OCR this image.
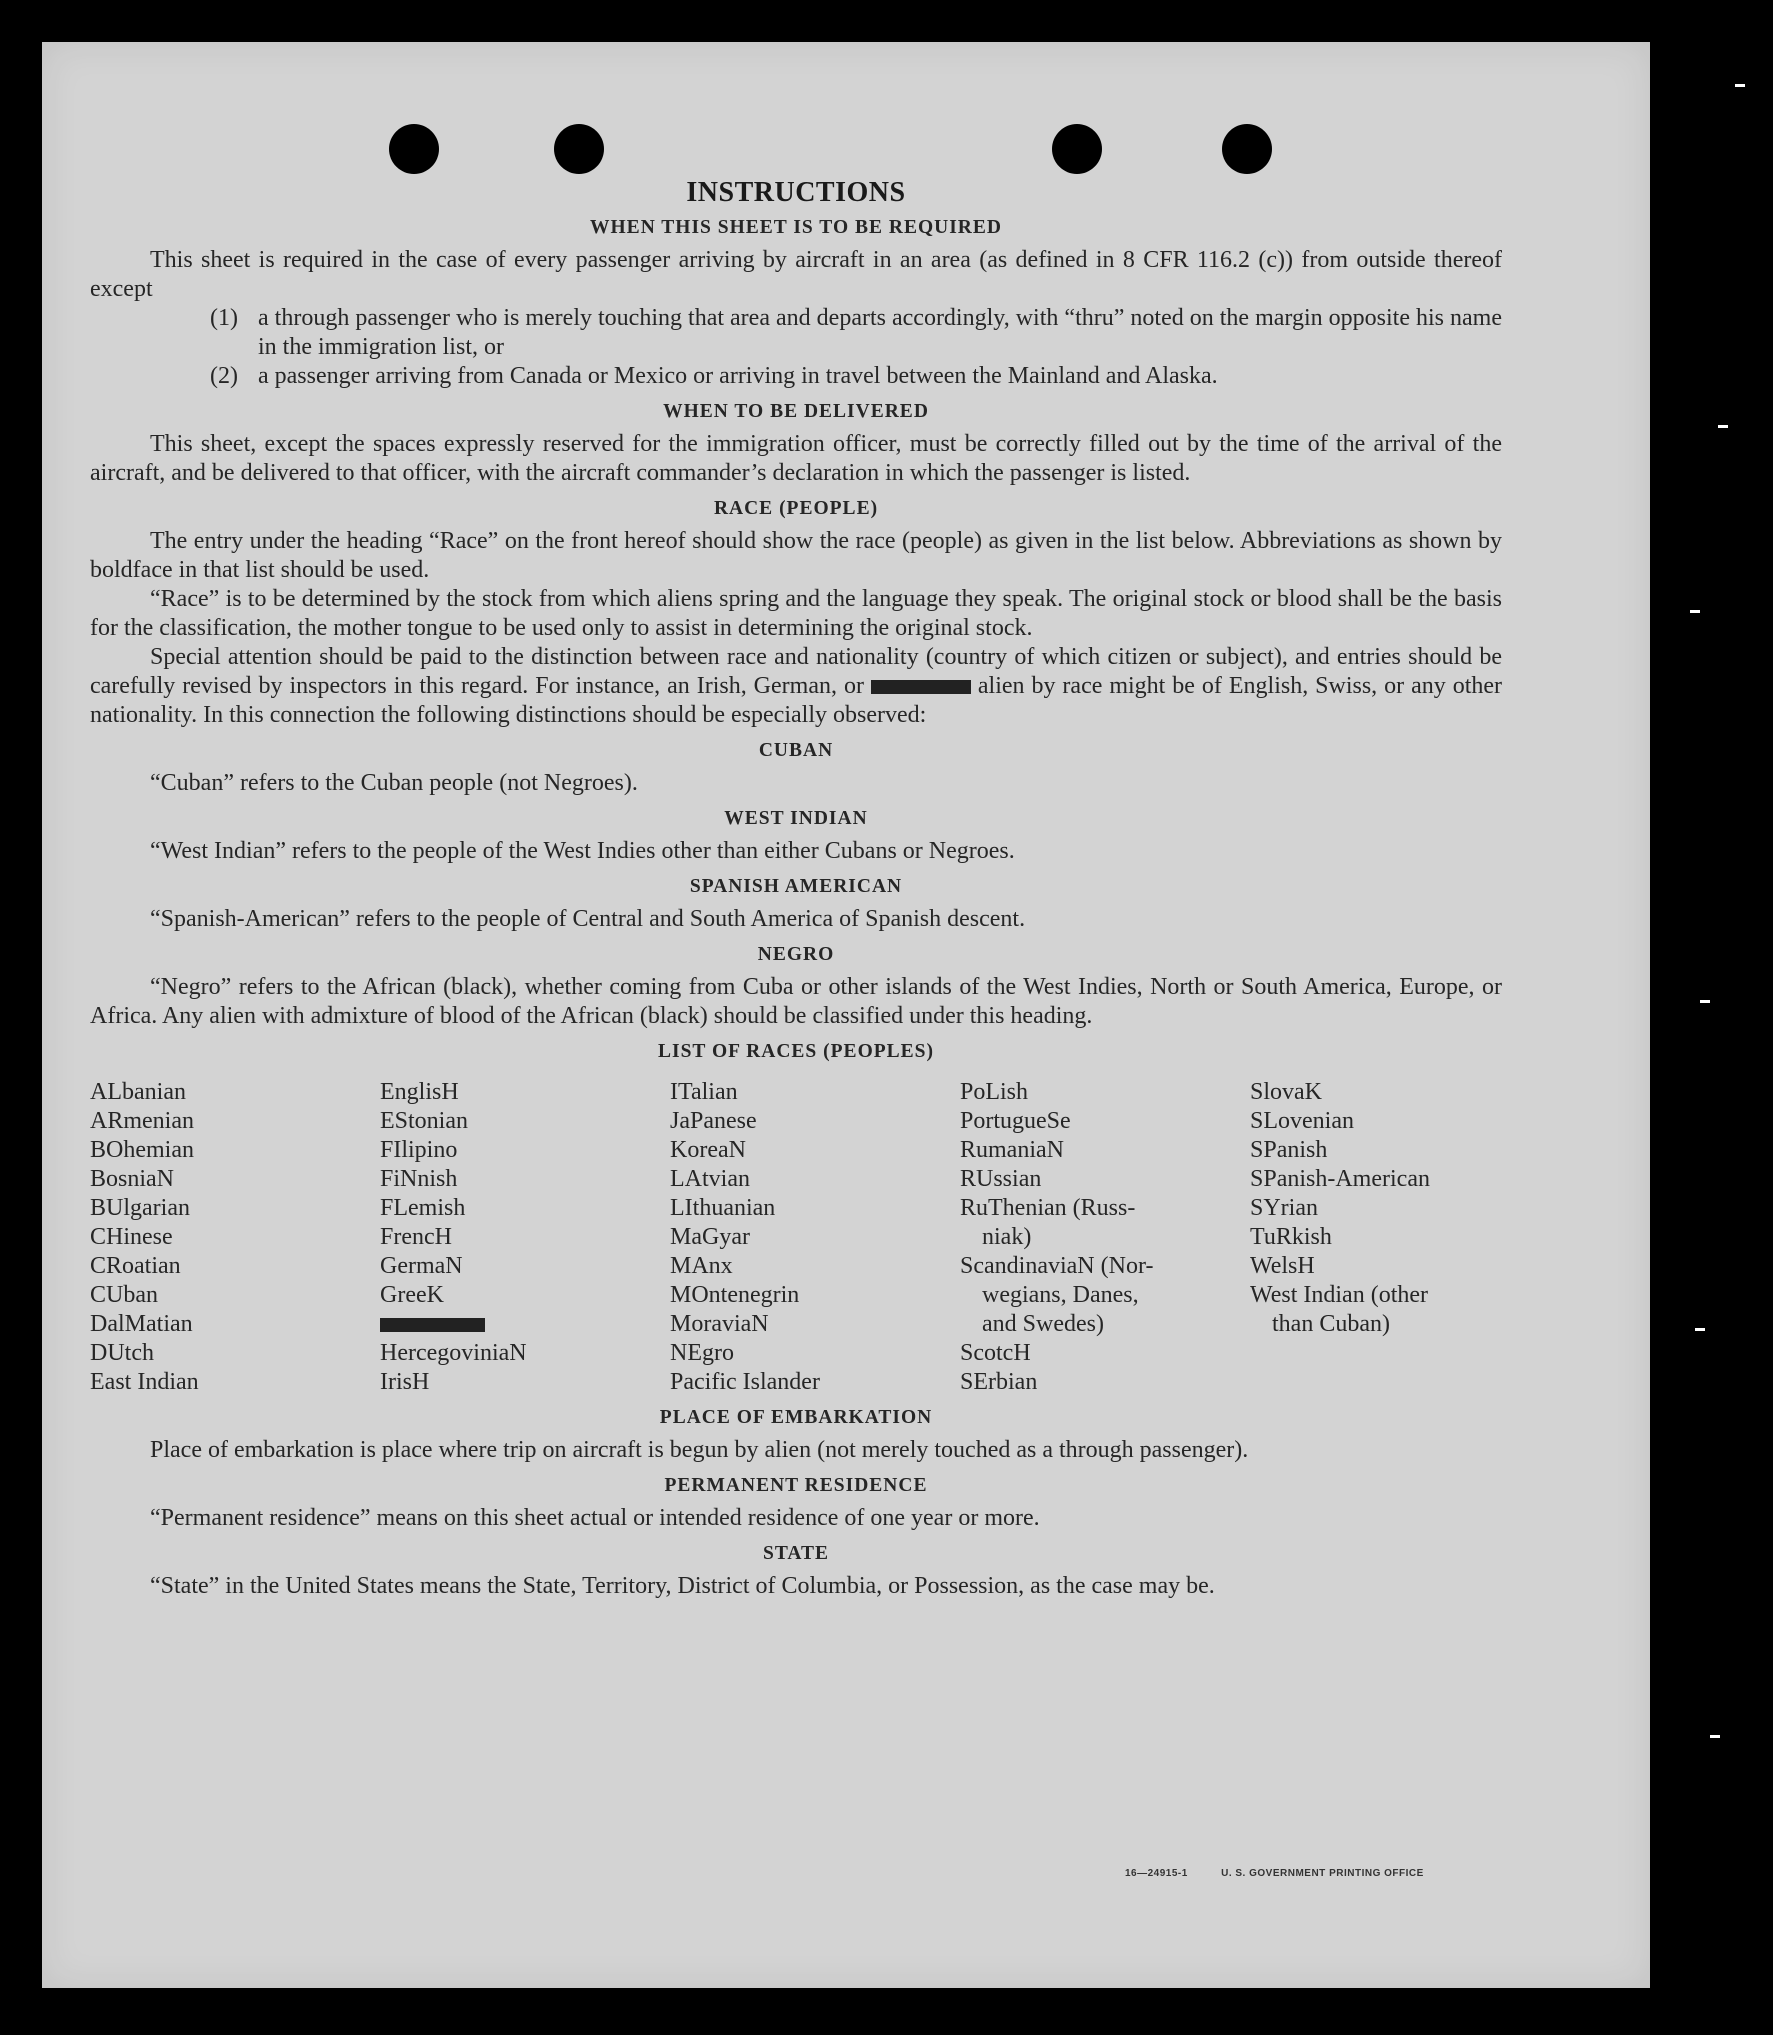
INSTRUCTIONS
WHEN THIS SHEET IS TO BE REQUIRED

This sheet is required in the case of every passenger arriving by aircraft in an area (as defined in 8 CFR 116.2 (c)) from outside thereof except

(1) a through passenger who is merely touching that area and departs accordingly, with “thru” noted on the margin opposite his name in the immigration list, or
(2) a passenger arriving from Canada or Mexico or arriving in travel between the Mainland and Alaska.
WHEN TO BE DELIVERED

This sheet, except the spaces expressly reserved for the immigration officer, must be correctly filled out by the time of the arrival of the aircraft, and be delivered to that officer, with the aircraft commander’s declaration in which the passenger is listed.

RACE (PEOPLE)

The entry under the heading “Race” on the front hereof should show the race (people) as given in the list below. Abbreviations as shown by boldface in that list should be used.

“Race” is to be determined by the stock from which aliens spring and the language they speak. The original stock or blood shall be the basis for the classification, the mother tongue to be used only to assist in determining the original stock.

Special attention should be paid to the distinction between race and nationality (country of which citizen or subject), and entries should be carefully revised by inspectors in this regard. For instance, an Irish, German, or	alien by race might be of English, Swiss, or any other nationality. In this connection the following distinctions should be especially observed:

CUBAN

“Cuban” refers to the Cuban people (not Negroes).

WEST INDIAN

“West Indian” refers to the people of the West Indies other than either Cubans or Negroes.

SPANISH AMERICAN

“Spanish-American” refers to the people of Central and South America of Spanish descent.

NEGRO

“Negro” refers to the African (black), whether coming from Cuba or other islands of the West Indies, North or South America, Europe, or Africa. Any alien with admixture of blood of the African (black) should be classified under this heading.

LIST OF RACES (PEOPLES)
ALbanian
ARmenian
BOhemian
BosniaN
BUlgarian
CHinese
CRoatian
CUban
DalMatian
DUtch
East Indian
EnglisH
EStonian
FIlipino
FiNnish
FLemish
FrencH
GermaN
GreeK
HercegoviniaN
IrisH
ITalian
JaPanese
KoreaN
LAtvian
LIthuanian
MaGyar
MAnx
MOntenegrin
MoraviaN
NEgro
Pacific Islander
PoLish
PortugueSe
RumaniaN
RUssian
RuThenian (Russ-
niak)
ScandinaviaN (Nor-
wegians, Danes,
and Swedes)
ScotcH
SErbian
SlovaK
SLovenian
SPanish
SPanish-American
SYrian
TuRkish
WelsH
West Indian (other
than Cuban)
PLACE OF EMBARKATION

Place of embarkation is place where trip on aircraft is begun by alien (not merely touched as a through passenger).

PERMANENT RESIDENCE

“Permanent residence” means on this sheet actual or intended residence of one year or more.

STATE

“State” in the United States means the State, Territory, District of Columbia, or Possession, as the case may be.

16—24915-1	U. S. GOVERNMENT PRINTING OFFICE
